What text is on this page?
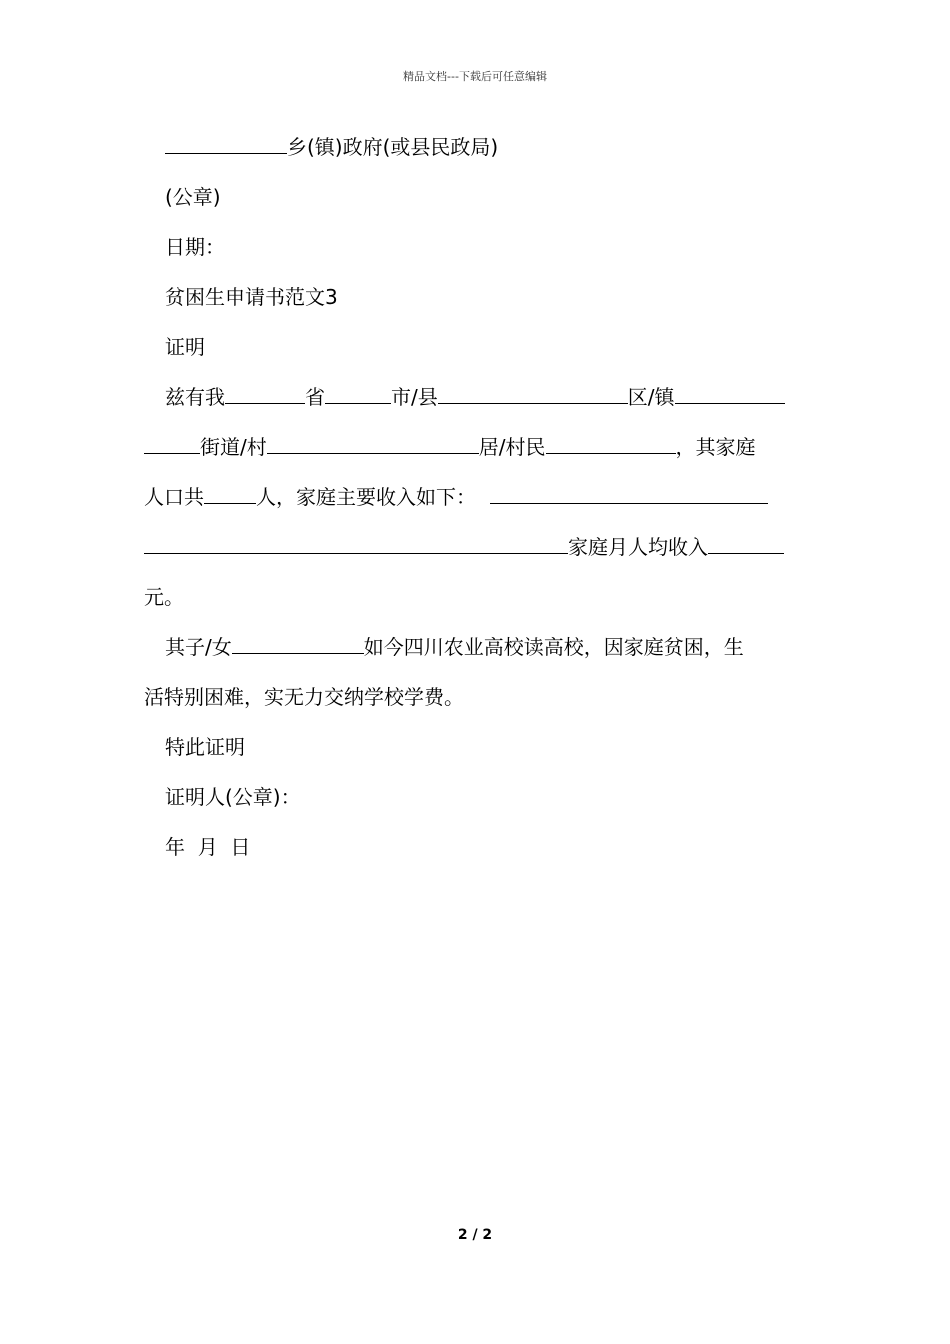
精品文档---下载后可任意编辑
乡(镇)政府(或县民政局)
(公章)
日期：
贫困生申请书范文3
证明
兹有我	省	市/县	区/镇
街道/村	居/村民	，其家庭
人口共	人，家庭主要收入如下：
家庭月人均收入
元。
其子/女	如今四川农业高校读高校，因家庭贫困，生
活特别困难，实无力交纳学校学费。
特此证明
证明人(公章)：
年  月  日
2 / 2
